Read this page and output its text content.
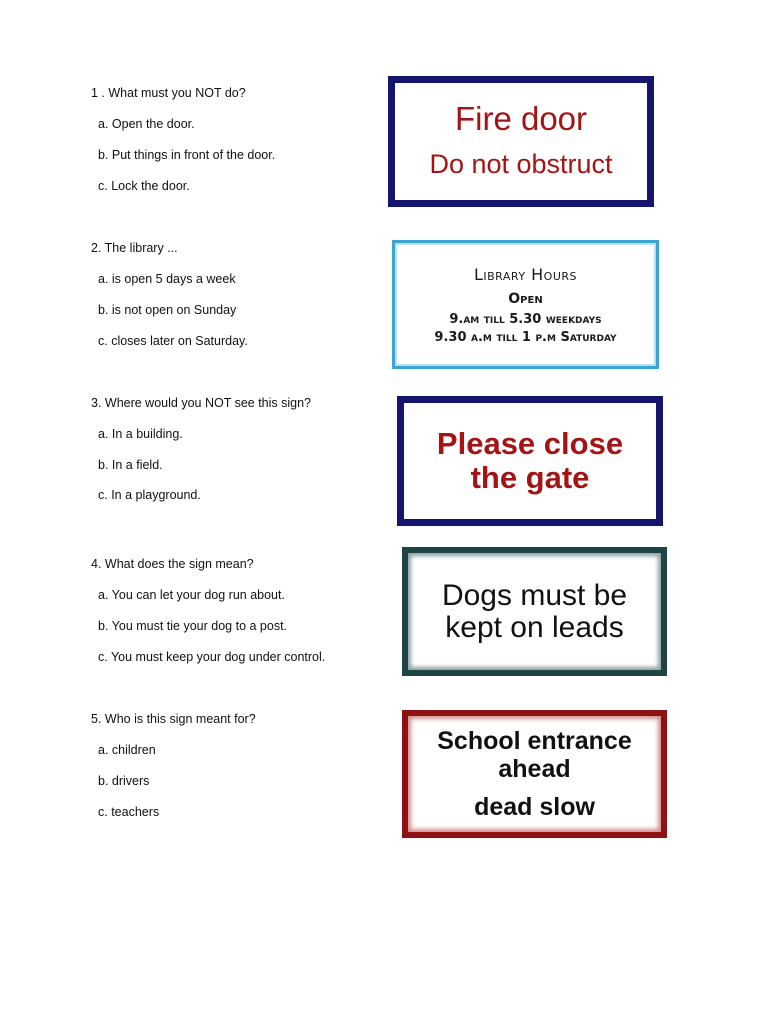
1 . What must you NOT do?
a. Open the door.
b. Put things in front of the door.
c. Lock the door.
Fire door
Do not obstruct
2. The library ...
a. is open 5 days a week
b. is not open on Sunday
c. closes later on Saturday.
Library Hours
Open
9.am till 5.30 weekdays
9.30 a.m till 1 p.m Saturday
3. Where would you NOT see this sign?
a. In a building.
b. In a field.
c. In a playground.
Please close
the gate
4. What does the sign mean?
a. You can let your dog run about.
b. You must tie your dog to a post.
c. You must keep your dog under control.
Dogs must be
kept on leads
5. Who is this sign meant for?
a. children
b. drivers
c. teachers
School entrance
ahead
dead slow
